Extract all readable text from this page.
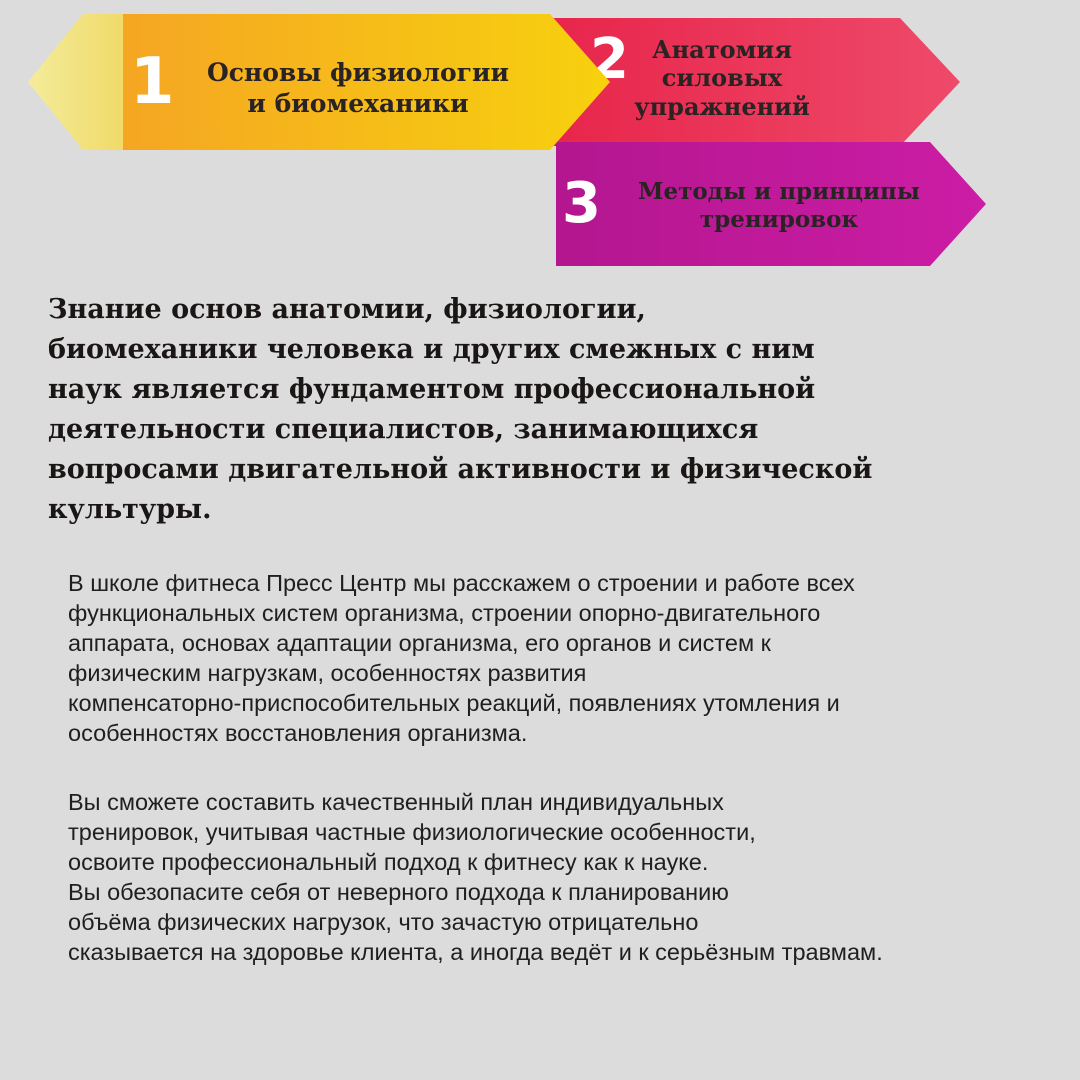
2 Анатомия
силовых
упражнений
3	Методы и принципы
тренировок
1	Основы физиологии
и биомеханики
Знание основ анатомии, физиологии,
биомеханики человека и других смежных с ним
наук является фундаментом профессиональной
деятельности специалистов, занимающихся
вопросами двигательной активности и физической
культуры.
В школе фитнеса Пресс Центр мы расскажем о строении и работе всех
функциональных систем организма, строении опорно-двигательного
аппарата, основах адаптации организма, его органов и систем к
физическим нагрузкам, особенностях развития
компенсаторно-приспособительных реакций, появлениях утомления и
особенностях восстановления организма.
Вы сможете составить качественный план индивидуальных
тренировок, учитывая частные физиологические особенности,
освоите профессиональный подход к фитнесу как к науке.
Вы обезопасите себя от неверного подхода к планированию
объёма физических нагрузок, что зачастую отрицательно
сказывается на здоровье клиента, а иногда ведёт и к серьёзным травмам.
